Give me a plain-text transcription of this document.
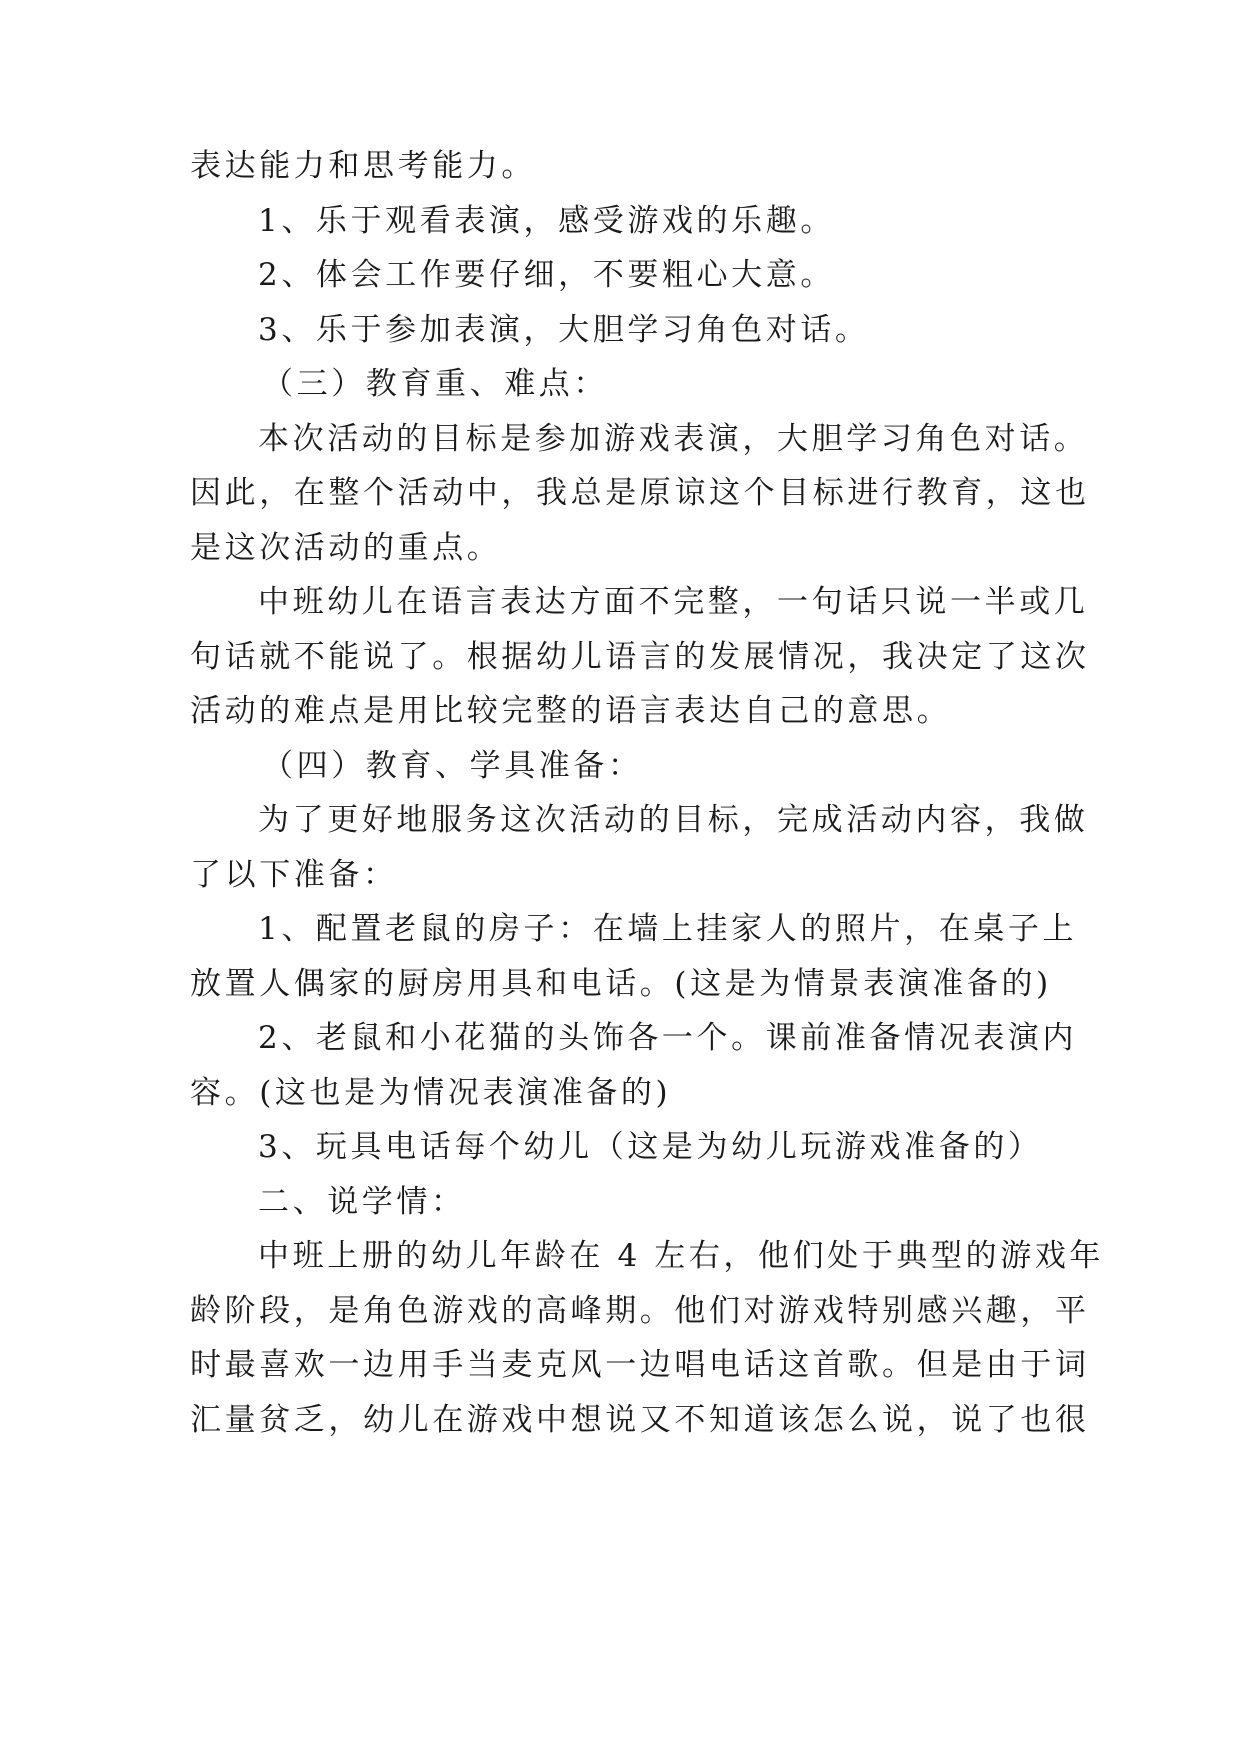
表达能力和思考能力。
1、乐于观看表演，感受游戏的乐趣。
2、体会工作要仔细，不要粗心大意。
3、乐于参加表演，大胆学习角色对话。
（三）教育重、难点：
本次活动的目标是参加游戏表演，大胆学习角色对话。
因此，在整个活动中，我总是原谅这个目标进行教育，这也
是这次活动的重点。
中班幼儿在语言表达方面不完整，一句话只说一半或几
句话就不能说了。根据幼儿语言的发展情况，我决定了这次
活动的难点是用比较完整的语言表达自己的意思。
（四）教育、学具准备：
为了更好地服务这次活动的目标，完成活动内容，我做
了以下准备：
1、配置老鼠的房子：在墙上挂家人的照片，在桌子上
放置人偶家的厨房用具和电话。(这是为情景表演准备的)
2、老鼠和小花猫的头饰各一个。课前准备情况表演内
容。(这也是为情况表演准备的)
3、玩具电话每个幼儿（这是为幼儿玩游戏准备的）
二、说学情：
中班上册的幼儿年龄在 4 左右，他们处于典型的游戏年
龄阶段，是角色游戏的高峰期。他们对游戏特别感兴趣，平
时最喜欢一边用手当麦克风一边唱电话这首歌。但是由于词
汇量贫乏，幼儿在游戏中想说又不知道该怎么说，说了也很
